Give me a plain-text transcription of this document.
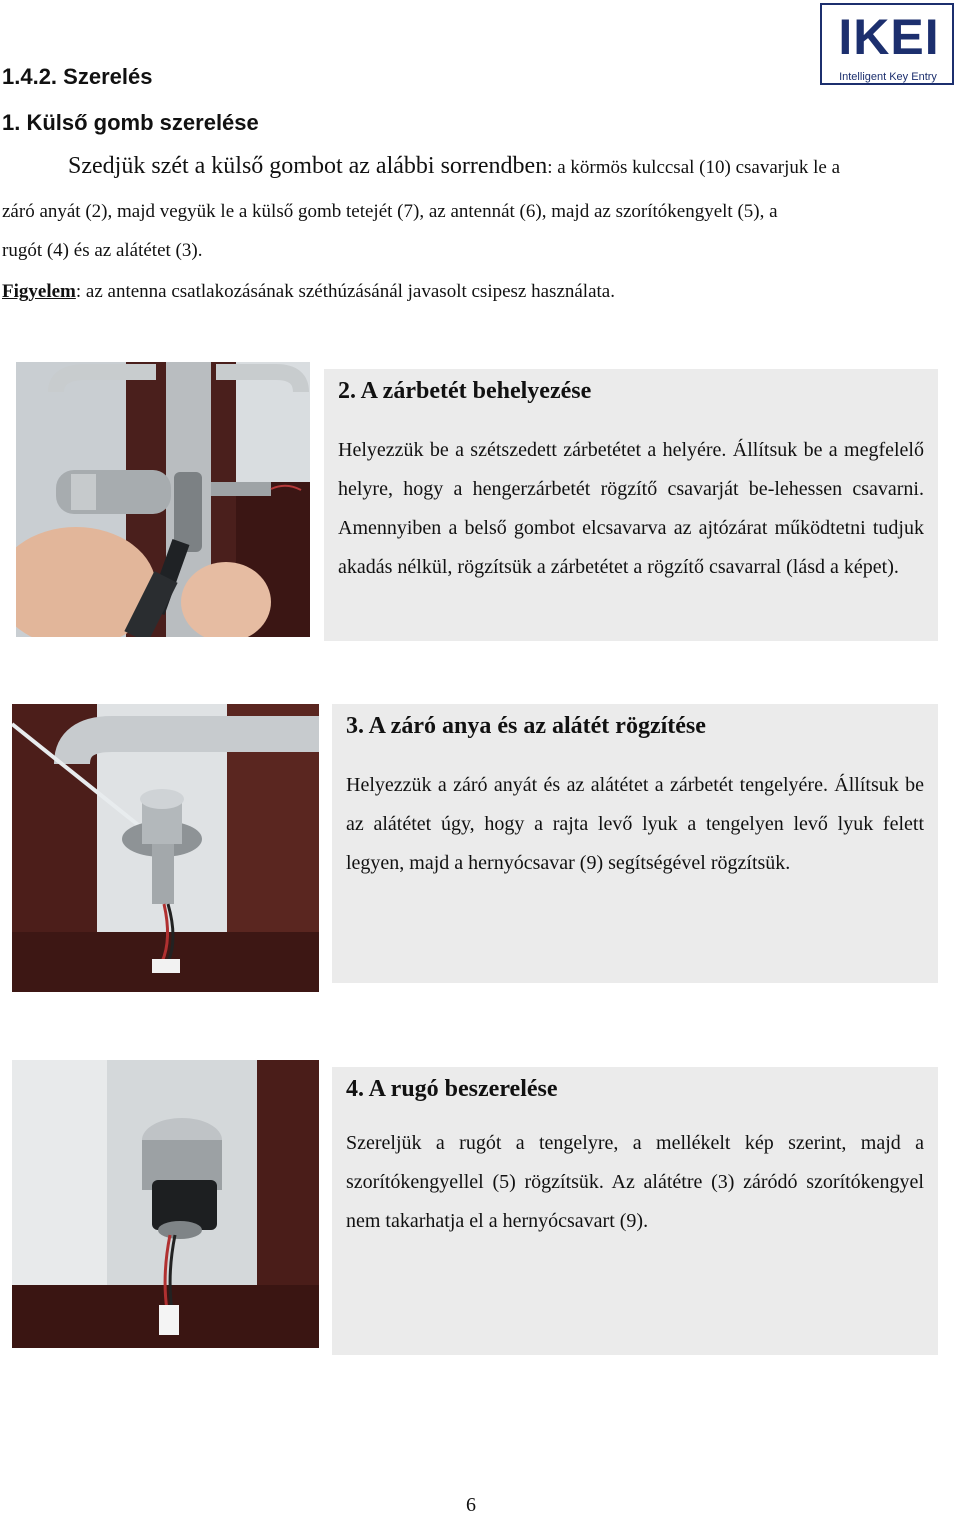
IKEI
Intelligent Key Entry
1.4.2. Szerelés
1. Külső gomb szerelése
Szedjük szét a külső gombot az alábbi sorrendben: a körmös kulccsal (10) csavarjuk le a
záró anyát (2), majd vegyük le a külső gomb tetejét (7), az antennát (6), majd az szorítókengyelt (5), a
rugót (4) és az alátétet (3).
Figyelem: az antenna csatlakozásának széthúzásánál javasolt csipesz használata.
2. A zárbetét behelyezése
Helyezzük be a szétszedett zárbetétet a helyére. Állítsuk be a megfelelő helyre, hogy a hengerzárbetét rögzítő csavarját be-lehessen csavarni. Amennyiben a belső gombot elcsavarva az ajtózárat működtetni tudjuk akadás nélkül, rögzítsük a zárbetétet a rögzítő csavarral (lásd a képet).
3. A záró anya és az alátét rögzítése
Helyezzük a záró anyát és az alátétet a zárbetét tengelyére. Állítsuk be az alátétet úgy, hogy a rajta levő lyuk a tengelyen levő lyuk felett legyen, majd a hernyócsavar (9) segítségével rögzítsük.
4. A rugó beszerelése
Szereljük a rugót a tengelyre, a mellékelt kép szerint, majd a szorítókengyellel (5) rögzítsük. Az alátétre (3) záródó szorítókengyel nem takarhatja el a hernyócsavart (9).
6
